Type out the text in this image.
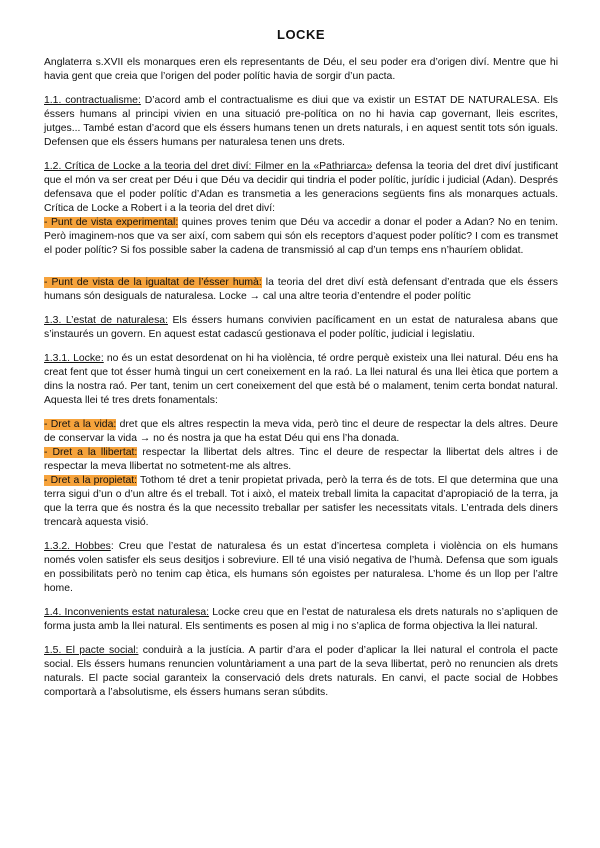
LOCKE

Anglaterra s.XVII els monarques eren els representants de Déu, el seu poder era d’origen diví. Mentre que hi havia gent que creia que l’origen del poder polític havia de sorgir d’un pacta.

1.1. contractualisme: D’acord amb el contractualisme es diui que va existir un ESTAT DE NATURALESA. Els éssers humans al principi vivien en una situació pre-política on no hi havia cap governant, lleis escrites, jutges... També estan d’acord que els éssers humans tenen un drets naturals, i en aquest sentit tots són iguals. Defensen que els éssers humans per naturalesa tenen uns drets.

1.2. Crítica de Locke a la teoria del dret diví: Filmer en la «Pathriarca» defensa la teoria del dret diví justificant que el món va ser creat per Déu i que Déu va decidir qui tindria el poder polític, jurídic i judicial (Adan). Després defensava que el poder polític d’Adan es transmetia a les generacions següents fins als monarques actuals. Crítica de Locke a Robert i a la teoria del dret diví:

- Punt de vista experimental: quines proves tenim que Déu va accedir a donar el poder a Adan? No en tenim. Però imaginem-nos que va ser així, com sabem qui són els receptors d’aquest poder polític? I com es transmet el poder polític? Si fos possible saber la cadena de transmissió al cap d’un temps ens n’hauríem oblidat.

- Punt de vista de la igualtat de l’ésser humà: la teoria del dret diví està defensant d’entrada que els éssers humans són desiguals de naturalesa. Locke → cal una altre teoria d’entendre el poder polític

1.3. L’estat de naturalesa: Els éssers humans convivien pacíficament en un estat de naturalesa abans que s’instaurés un govern. En aquest estat cadascú gestionava el poder polític, judicial i legislatiu.

1.3.1. Locke: no és un estat desordenat on hi ha violència, té ordre perquè existeix una llei natural. Déu ens ha creat fent que tot ésser humà tingui un cert coneixement en la raó. La llei natural és una llei ètica que portem a dins la nostra raó. Per tant, tenim un cert coneixement del que està bé o malament, tenim certa bondat natural. Aquesta llei té tres drets fonamentals:

- Dret a la vida: dret que els altres respectin la meva vida, però tinc el deure de respectar la dels altres. Deure de conservar la vida → no és nostra ja que ha estat Déu qui ens l’ha donada.

- Dret a la llibertat: respectar la llibertat dels altres. Tinc el deure de respectar la llibertat dels altres i de respectar la meva llibertat no sotmetent-me als altres.

- Dret a la propietat: Tothom té dret a tenir propietat privada, però la terra és de tots. El que determina que una terra sigui d’un o d’un altre és el treball. Tot i això, el mateix treball limita la capacitat d’apropiació de la terra, ja que la terra que és nostra és la que necessito treballar per satisfer les necessitats vitals. L’entrada dels diners trencarà aquesta visió.

1.3.2. Hobbes: Creu que l’estat de naturalesa és un estat d’incertesa completa i violència on els humans només volen satisfer els seus desitjos i sobreviure. Ell té una visió negativa de l’humà. Defensa que som iguals en possibilitats però no tenim cap ètica, els humans són egoistes per naturalesa. L’home és un llop per l’altre home.

1.4. Inconvenients estat naturalesa: Locke creu que en l’estat de naturalesa els drets naturals no s’apliquen de forma justa amb la llei natural. Els sentiments es posen al mig i no s’aplica de forma objectiva la llei natural.

1.5. El pacte social: conduirà a la justícia. A partir d’ara el poder d’aplicar la llei natural el controla el pacte social. Els éssers humans renuncien voluntàriament a una part de la seva llibertat, però no renuncien als drets naturals. El pacte social garanteix la conservació dels drets naturals. En canvi, el pacte social de Hobbes comportarà a l’absolutisme, els éssers humans seran súbdits.
